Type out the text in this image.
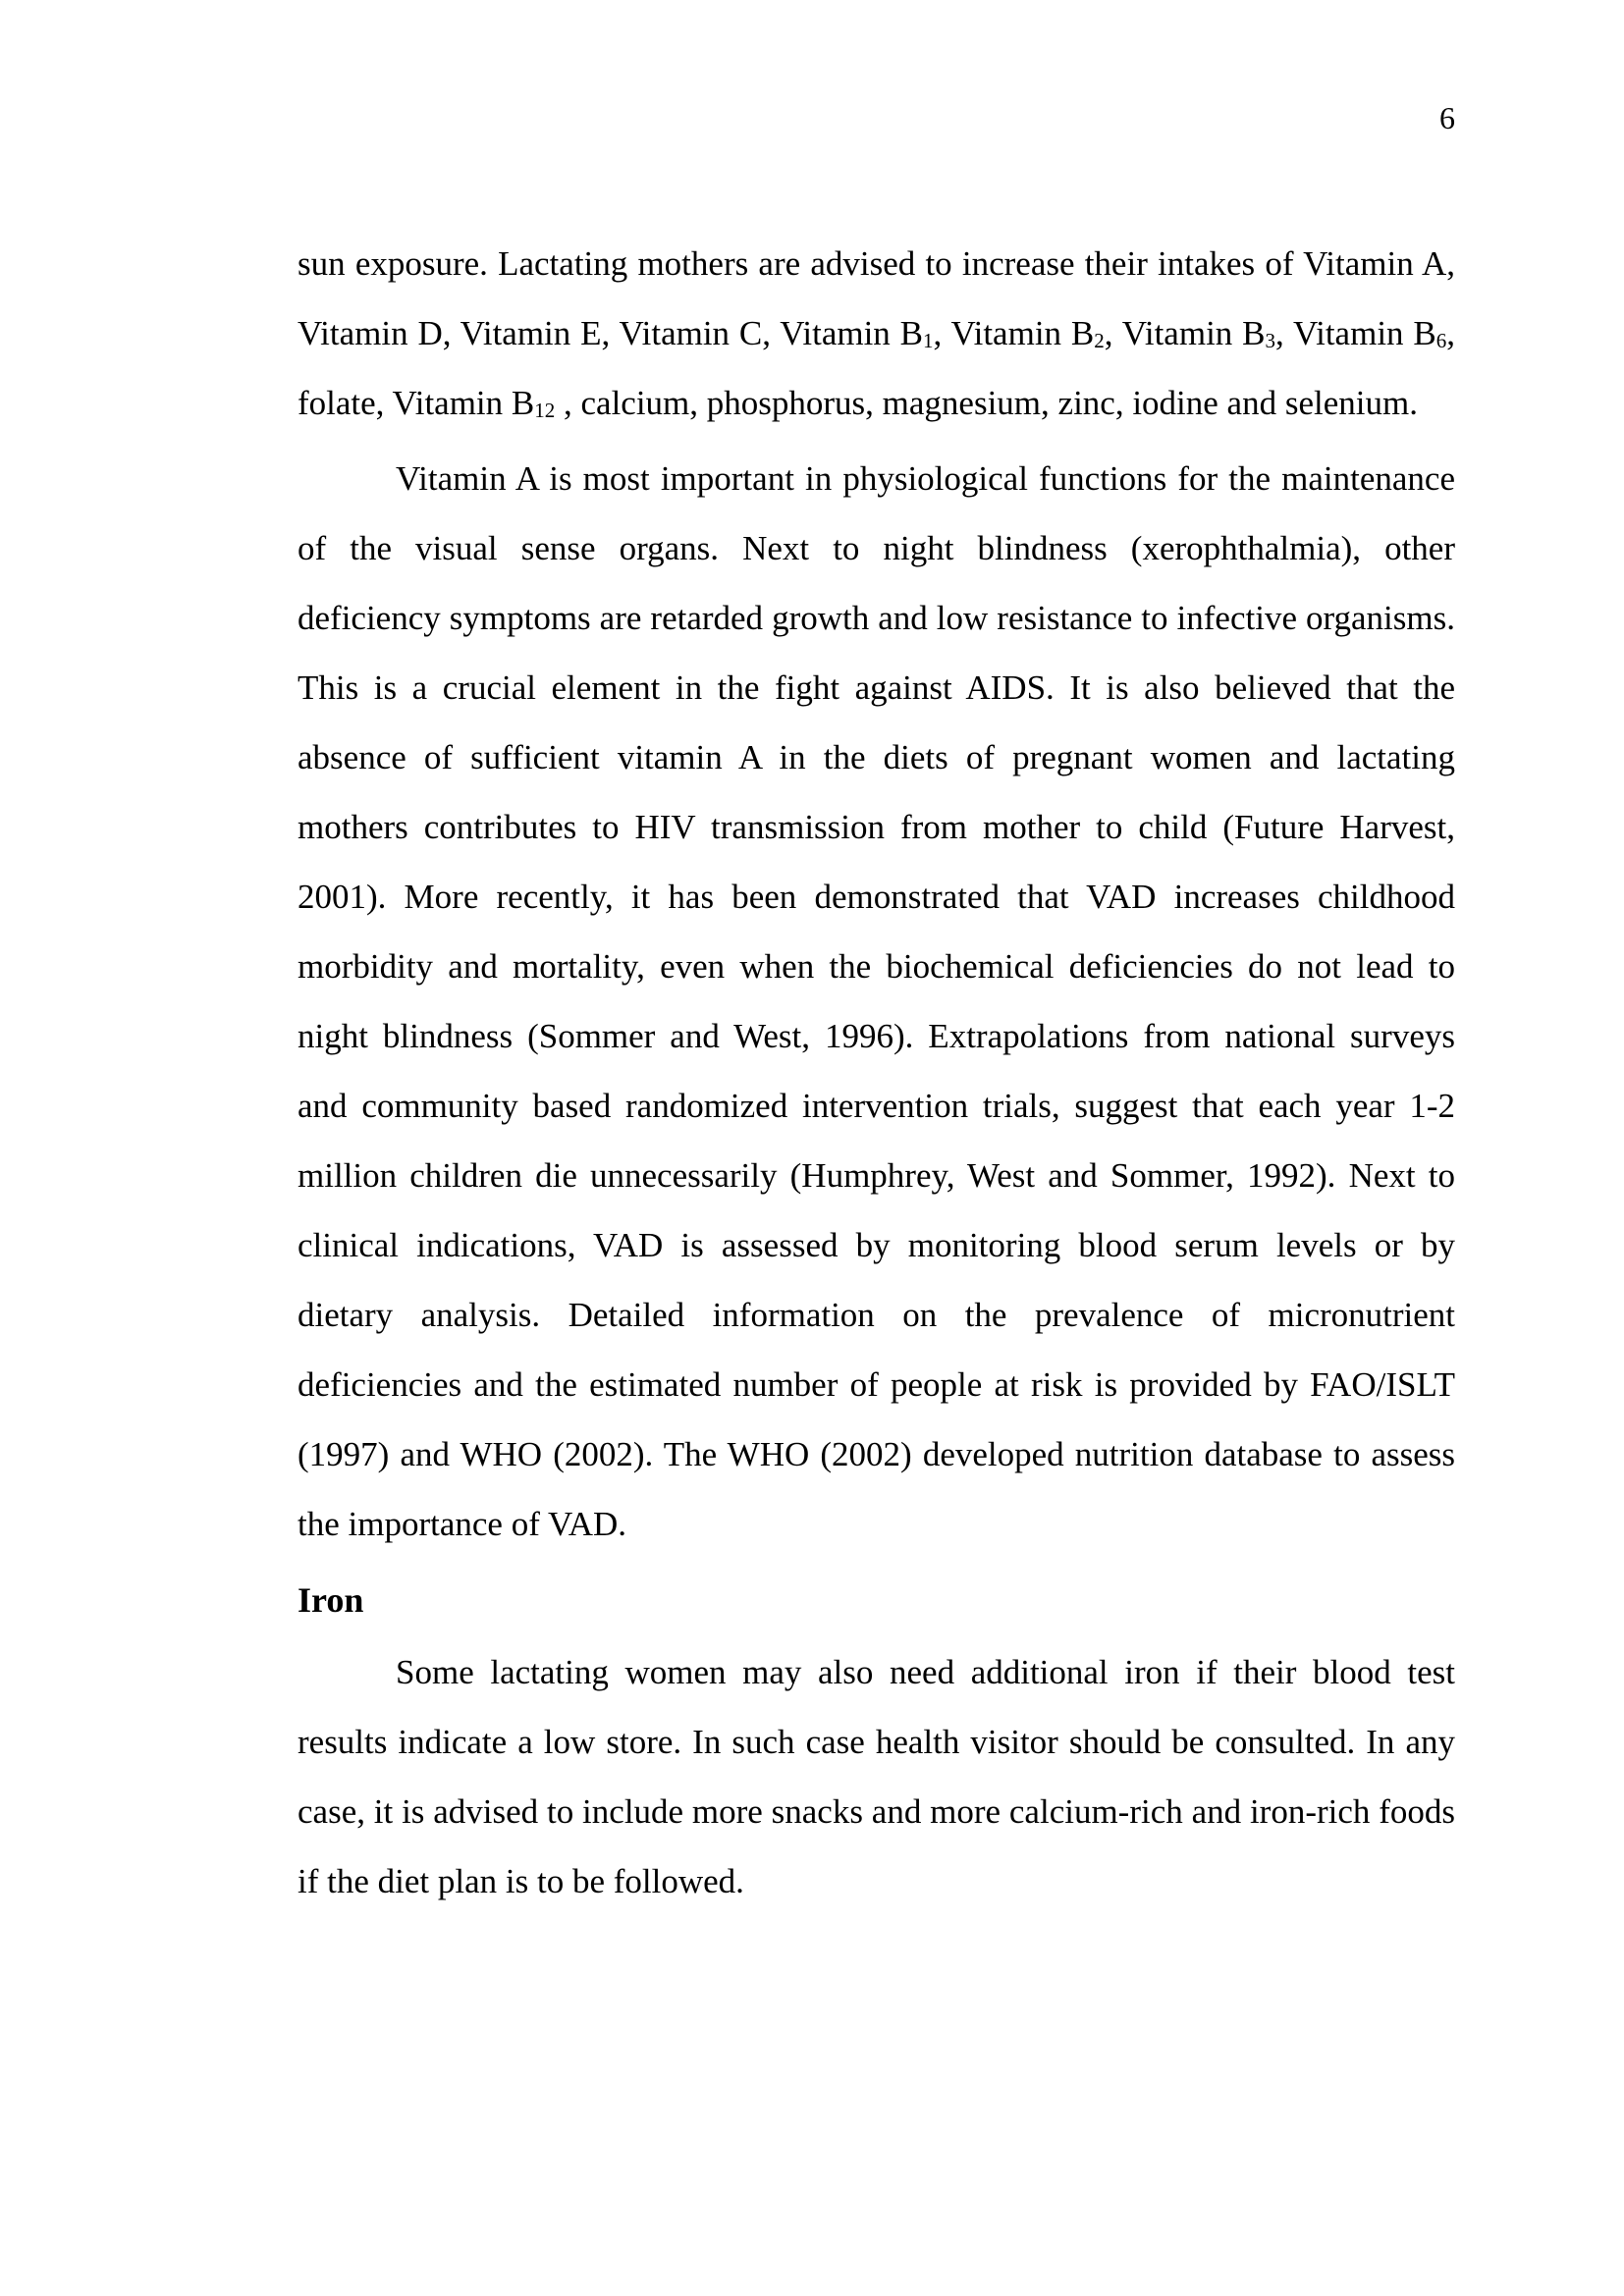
6

sun exposure. Lactating mothers are advised to increase their intakes of Vitamin A, Vitamin D, Vitamin E, Vitamin C, Vitamin $B_1$, Vitamin $B_2$, Vitamin $B_3$, Vitamin $B_6$, folate, Vitamin $B_{12}$ , calcium, phosphorus, magnesium, zinc, iodine and selenium.

Vitamin A is most important in physiological functions for the maintenance of the visual sense organs. Next to night blindness (xerophthalmia), other deficiency symptoms are retarded growth and low resistance to infective organisms. This is a crucial element in the fight against AIDS. It is also believed that the absence of sufficient vitamin A in the diets of pregnant women and lactating mothers contributes to HIV transmission from mother to child (Future Harvest, 2001). More recently, it has been demonstrated that VAD increases childhood morbidity and mortality, even when the biochemical deficiencies do not lead to night blindness (Sommer and West, 1996). Extrapolations from national surveys and community based randomized intervention trials, suggest that each year 1-2 million children die unnecessarily (Humphrey, West and Sommer, 1992). Next to clinical indications, VAD is assessed by monitoring blood serum levels or by dietary analysis. Detailed information on the prevalence of micronutrient deficiencies and the estimated number of people at risk is provided by FAO/ISLT (1997) and WHO (2002). The WHO (2002) developed nutrition database to assess the importance of VAD.

Iron

Some lactating women may also need additional iron if their blood test results indicate a low store. In such case health visitor should be consulted. In any case, it is advised to include more snacks and more calcium-rich and iron-rich foods if the diet plan is to be followed.
